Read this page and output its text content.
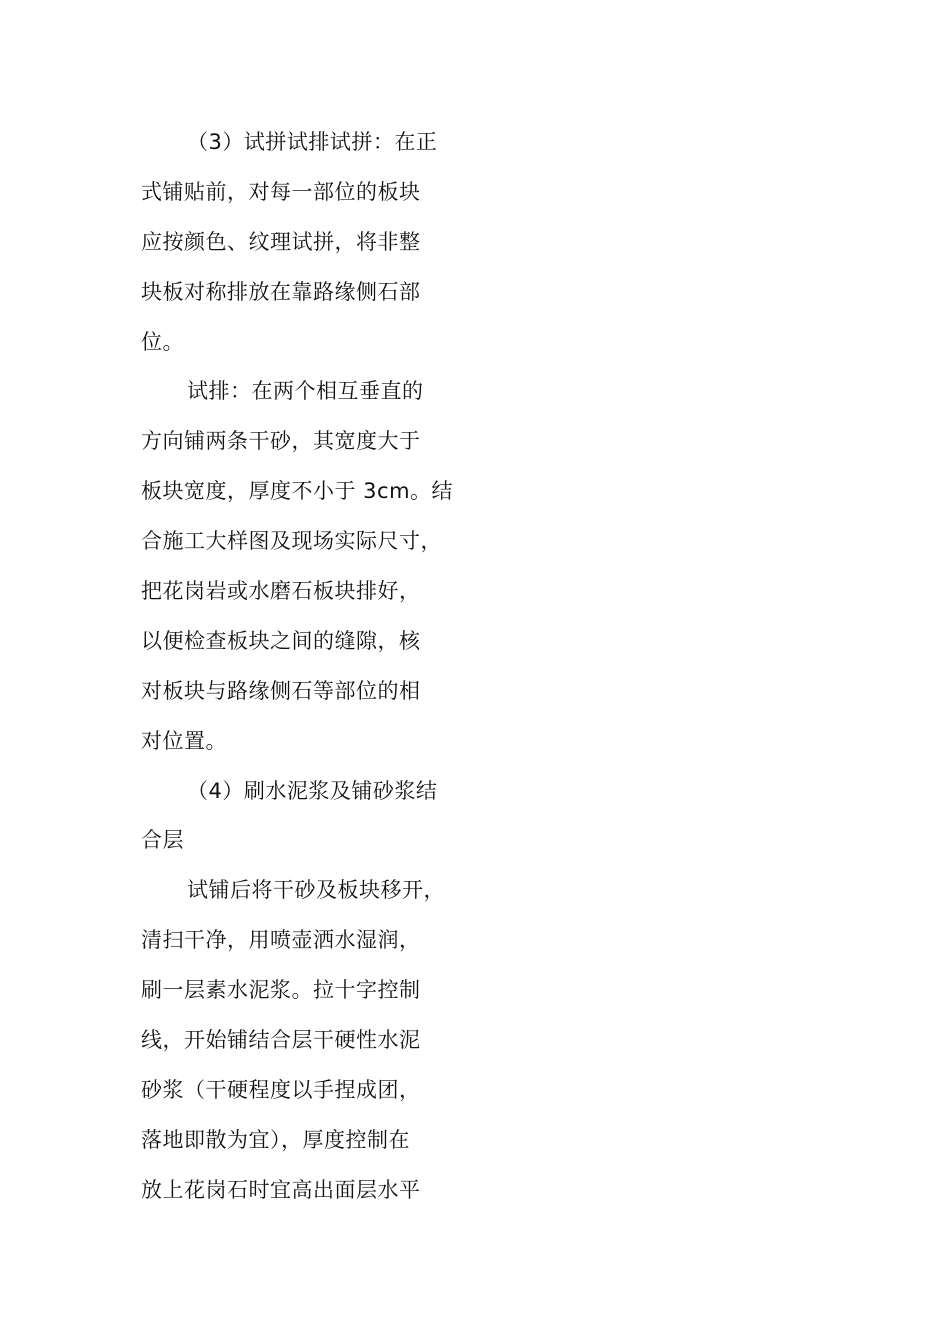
（3）试拼试排试拼：在正
式铺贴前，对每一部位的板块
应按颜色、纹理试拼，将非整
块板对称排放在靠路缘侧石部
位。
试排：在两个相互垂直的
方向铺两条干砂，其宽度大于
板块宽度，厚度不小于 3cm。结
合施工大样图及现场实际尺寸，
把花岗岩或水磨石板块排好，
以便检查板块之间的缝隙，核
对板块与路缘侧石等部位的相
对位置。
（4）刷水泥浆及铺砂浆结
合层
试铺后将干砂及板块移开，
清扫干净，用喷壶洒水湿润，
刷一层素水泥浆。拉十字控制
线，开始铺结合层干硬性水泥
砂浆（干硬程度以手捏成团，
落地即散为宜），厚度控制在
放上花岗石时宜高出面层水平
